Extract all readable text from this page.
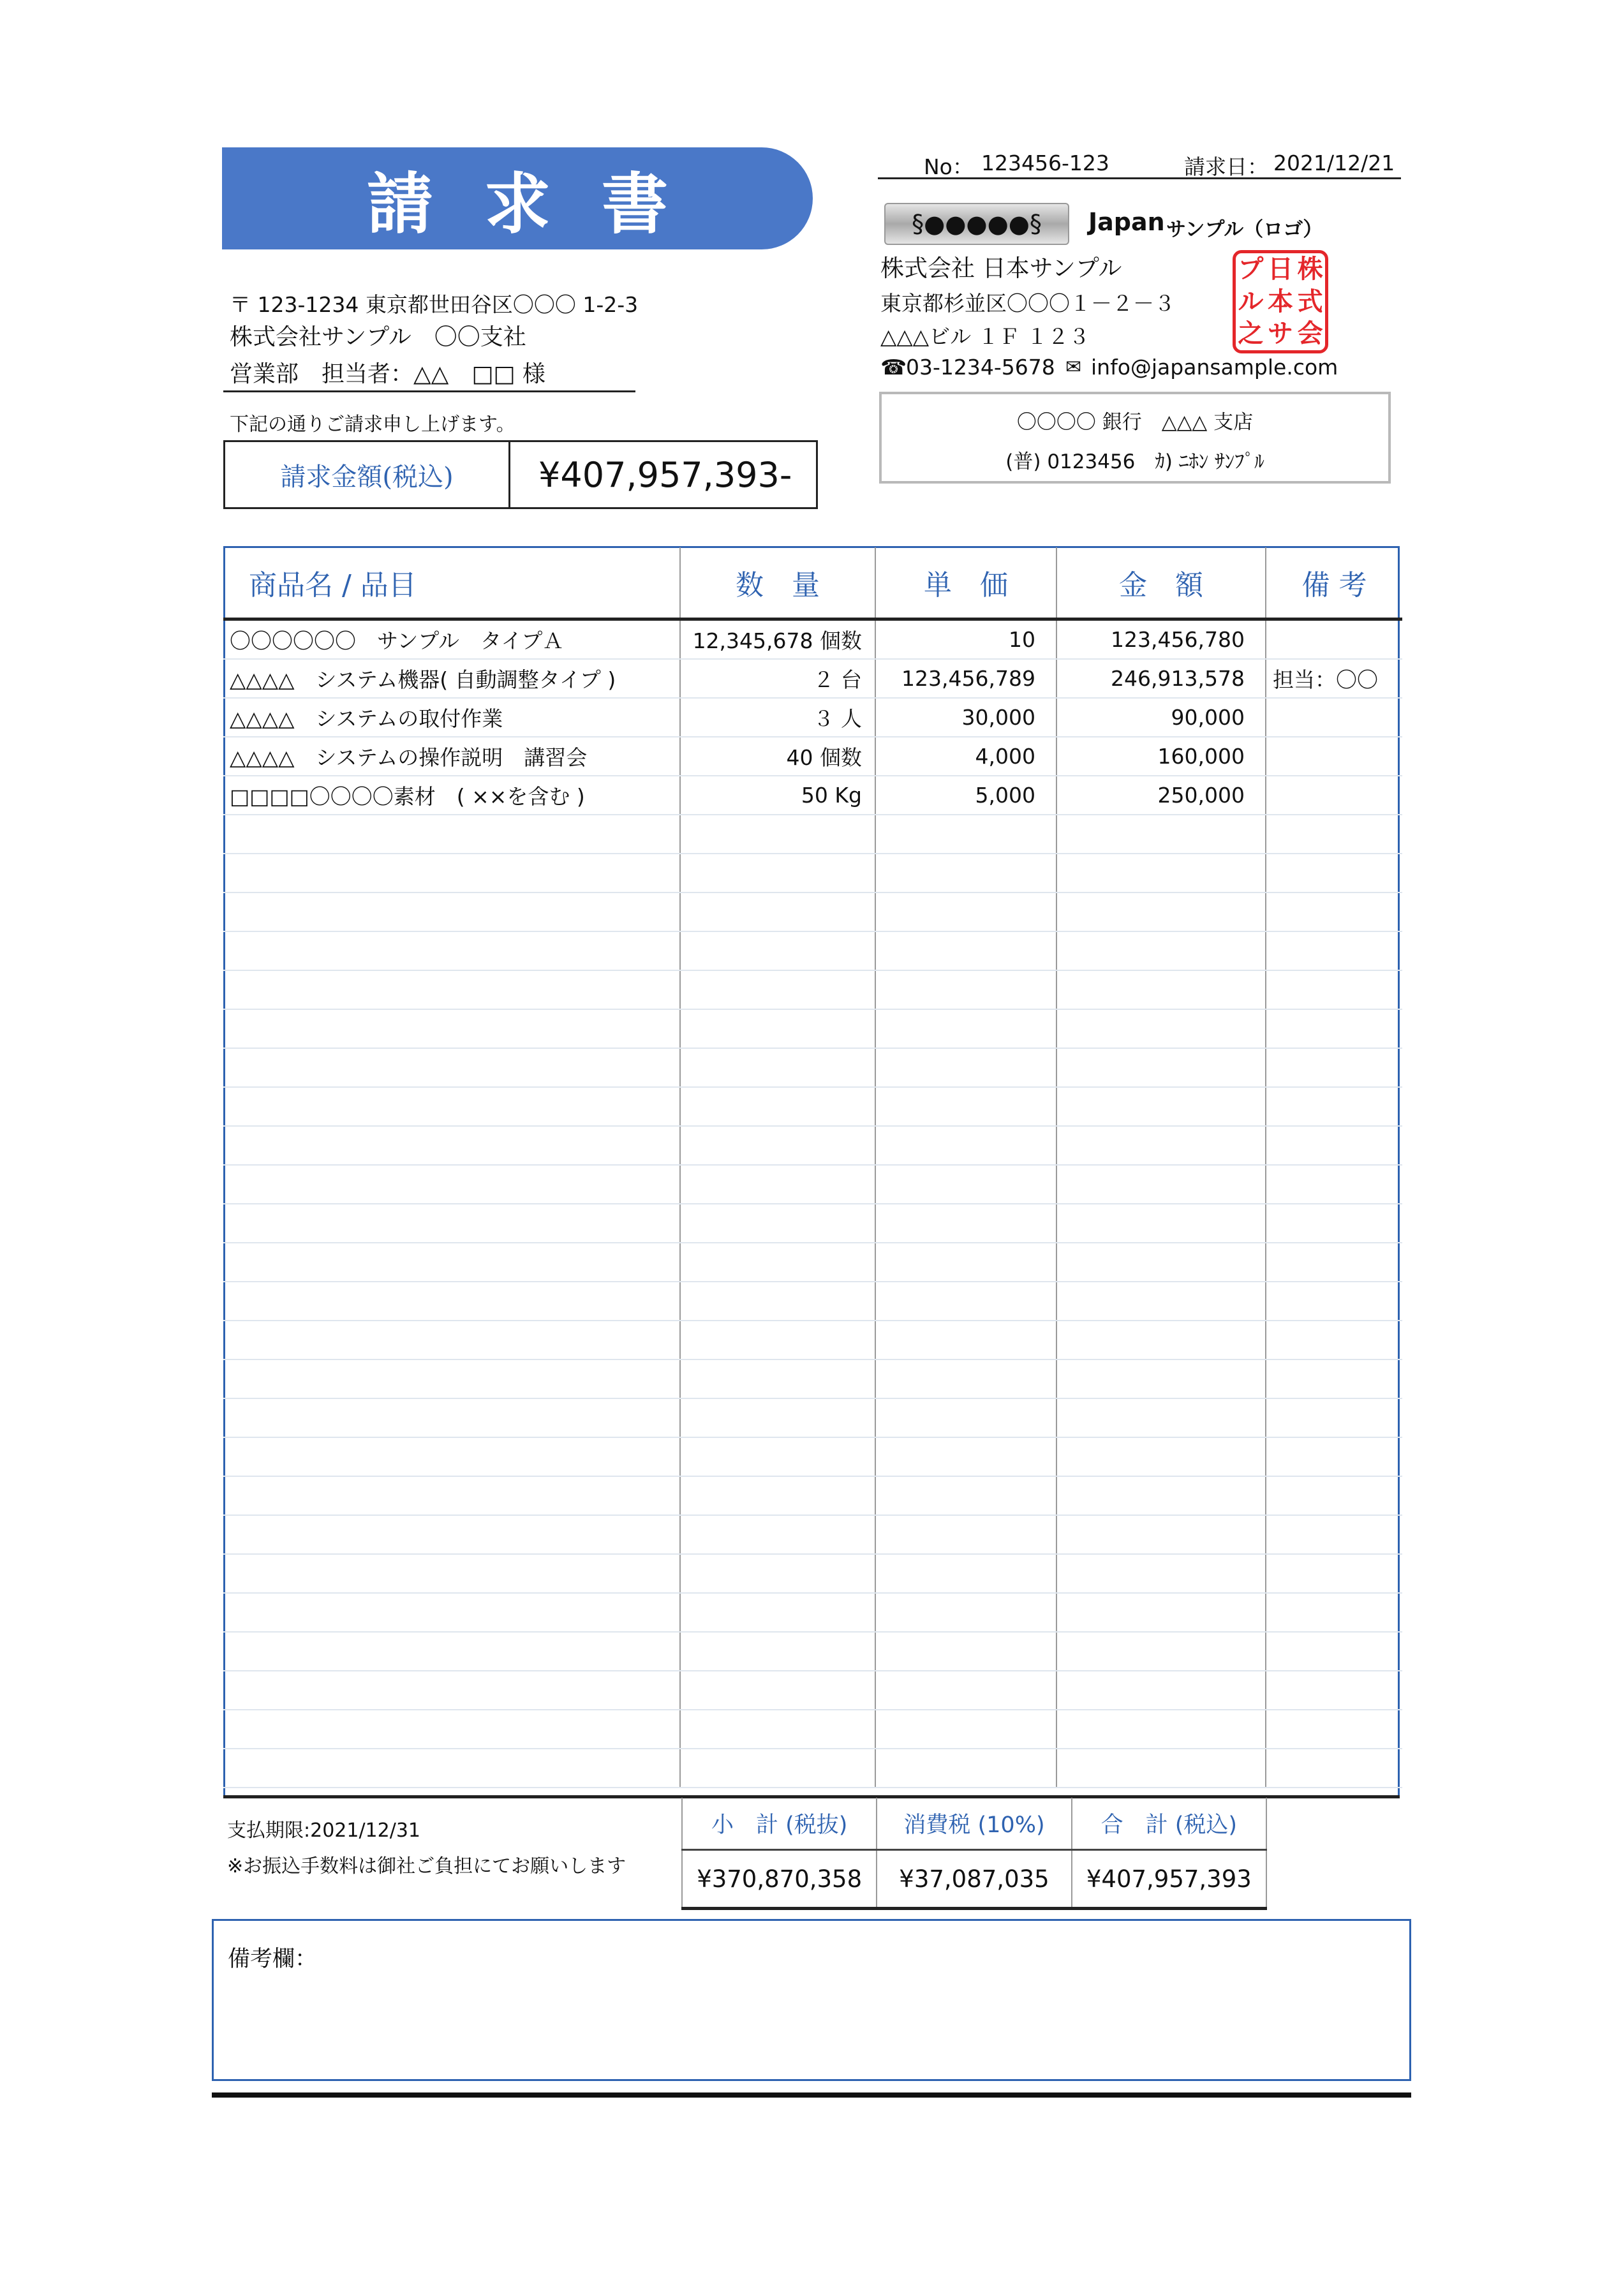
請求書	No： 123456-123	請求日： 2021/12/21
〒 123-1234 東京都世田谷区〇〇〇 1-2-3
株式会社サンプル　〇〇支社
営業部　担当者：△△　□□ 様
下記の通りご請求申し上げます。
請求金額(税込)	¥407,957,393-
§●●●●●§ Japan サンプル（ロゴ）
株式会社 日本サンプル
東京都杉並区〇〇〇１－２－３
△△△ビル １Ｆ １２３
☎
03-1234-5678 ✉ info@japansample.com
プ 日 株
ル 本 式
之 サ 会
〇〇〇〇 銀行　△△△ 支店
(普) 0123456　ｶ) ﾆﾎﾝ ｻﾝﾌﾟﾙ
商品名 / 品目	数　量	単　価	金　額	備 考
〇〇〇〇〇〇　サンプル　タイプＡ	12,345,678 個数	10	123,456,780	
△△△△　システム機器( 自動調整タイプ )	２ 台	123,456,789	246,913,578	担当：〇〇
△△△△　システムの取付作業	３ 人	30,000	90,000	
△△△△　システムの操作説明　講習会	40 個数	4,000	160,000	
□□□□〇〇〇〇素材　( ××を含む )	50 Kg	5,000	250,000	

支払期限:2021/12/31
※お振込手数料は御社ご負担にてお願いします
小　計 (税抜)	消費税 (10%)	合　計 (税込)
¥370,870,358	¥37,087,035	¥407,957,393
備考欄：
